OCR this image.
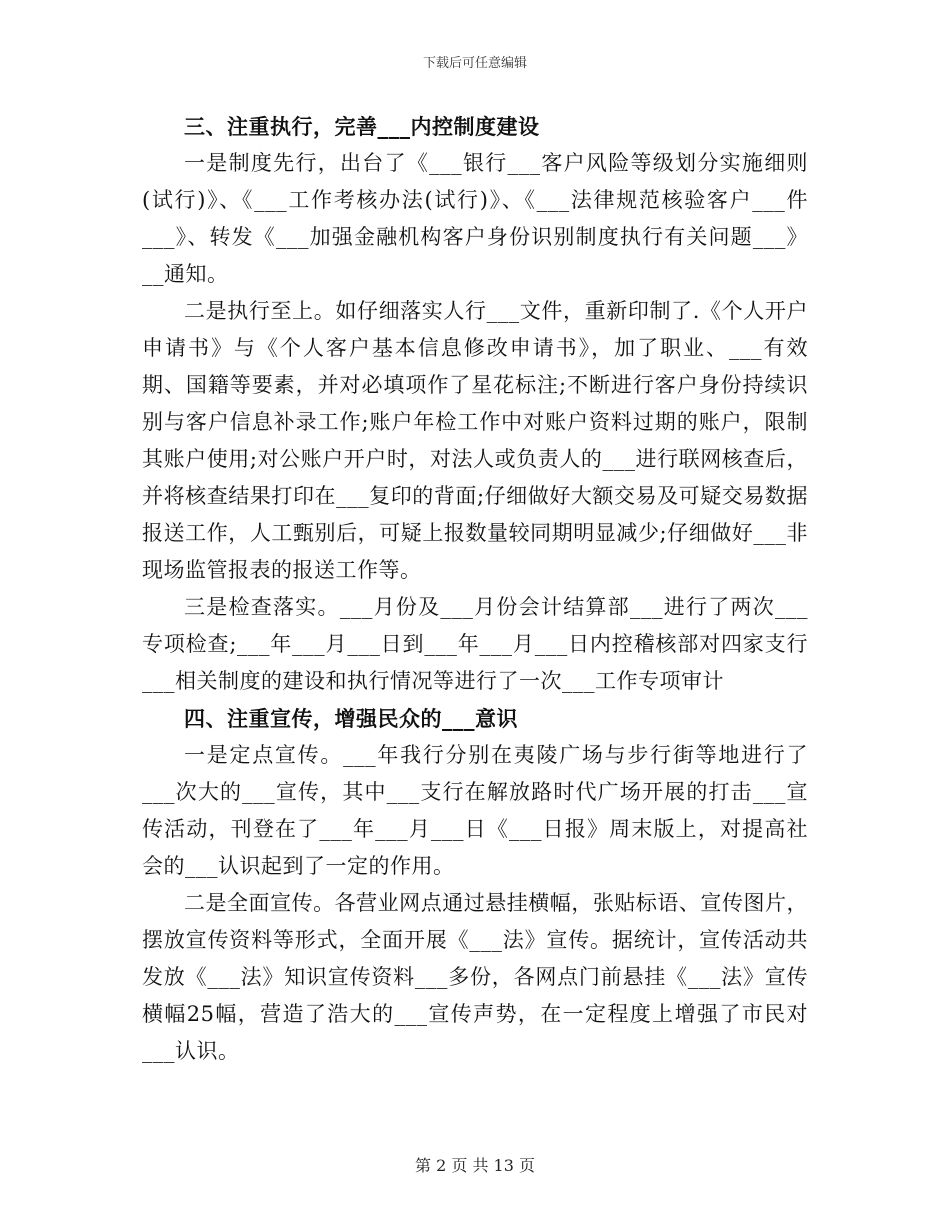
下载后可任意编辑
三、注重执行，完善___内控制度建设

一是制度先行，出台了《___银行___客户风险等级划分实施细则(试行)》、《___工作考核办法(试行)》、《___法律规范核验客户___件___》、转发《___加强金融机构客户身份识别制度执行有关问题___》__通知。

二是执行至上。如仔细落实人行___文件，重新印制了.《个人开户申请书》与《个人客户基本信息修改申请书》，加了职业、___有效期、国籍等要素，并对必填项作了星花标注;不断进行客户身份持续识别与客户信息补录工作;账户年检工作中对账户资料过期的账户，限制其账户使用;对公账户开户时，对法人或负责人的___进行联网核查后，并将核查结果打印在___复印的背面;仔细做好大额交易及可疑交易数据报送工作，人工甄别后，可疑上报数量较同期明显减少;仔细做好___非现场监管报表的报送工作等。

三是检查落实。___月份及___月份会计结算部___进行了两次___专项检查;___年___月___日到___年___月___日内控稽核部对四家支行___相关制度的建设和执行情况等进行了一次___工作专项审计

四、注重宣传，增强民众的___意识

一是定点宣传。___年我行分别在夷陵广场与步行街等地进行了___次大的___宣传，其中___支行在解放路时代广场开展的打击___宣传活动，刊登在了___年___月___日《___日报》周末版上，对提高社会的___认识起到了一定的作用。

二是全面宣传。各营业网点通过悬挂横幅，张贴标语、宣传图片，摆放宣传资料等形式，全面开展《___法》宣传。据统计，宣传活动共发放《___法》知识宣传资料___多份，各网点门前悬挂《___法》宣传横幅25幅，营造了浩大的___宣传声势，在一定程度上增强了市民对___认识。

第 2 页 共 13 页
